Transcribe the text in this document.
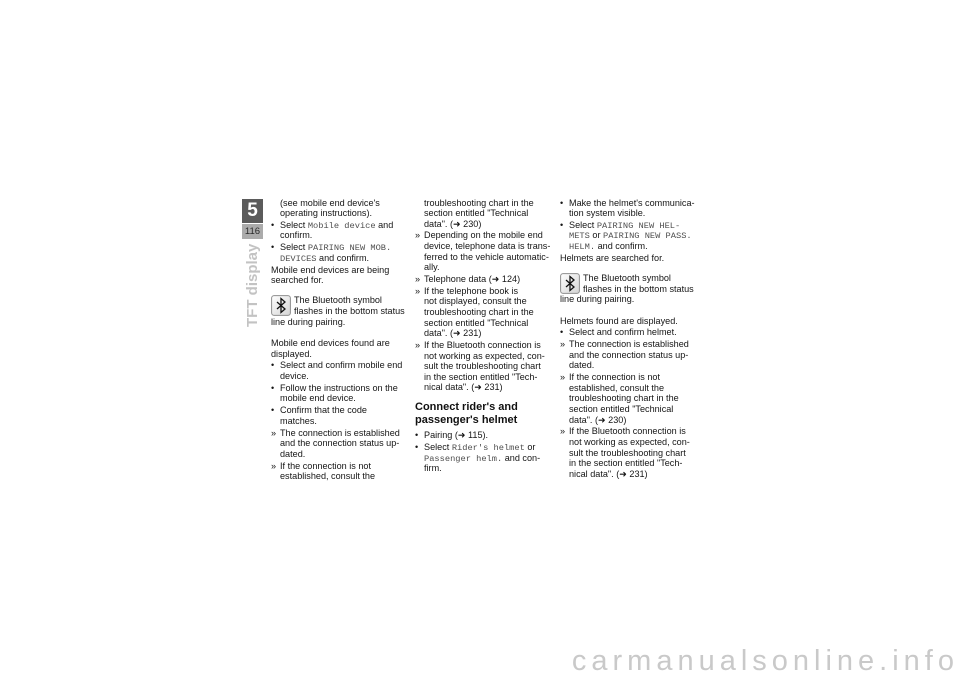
5
116
TFT display
(see mobile end device's
operating instructions).
• Select Mobile device and
confirm.
• Select PAIRING NEW MOB.
DEVICES and confirm.
Mobile end devices are being
searched for.
The Bluetooth symbol
flashes in the bottom status
line during pairing.
Mobile end devices found are
displayed.
• Select and confirm mobile end
device.
• Follow the instructions on the
mobile end device.
• Confirm that the code
matches.
» The connection is established
and the connection status up-
dated.
» If the connection is not
established, consult the
troubleshooting chart in the
section entitled "Technical
data". (➜ 230)
» Depending on the mobile end
device, telephone data is trans-
ferred to the vehicle automatic-
ally.
» Telephone data (➜ 124)
» If the telephone book is
not displayed, consult the
troubleshooting chart in the
section entitled "Technical
data". (➜ 231)
» If the Bluetooth connection is
not working as expected, con-
sult the troubleshooting chart
in the section entitled "Tech-
nical data". (➜ 231)
Connect rider's and
passenger's helmet
• Pairing (➜ 115).
• Select Rider's helmet or
Passenger helm. and con-
firm.
• Make the helmet's communica-
tion system visible.
• Select PAIRING NEW HEL-
METS or PAIRING NEW PASS.
HELM. and confirm.
Helmets are searched for.
The Bluetooth symbol
flashes in the bottom status
line during pairing.
Helmets found are displayed.
• Select and confirm helmet.
» The connection is established
and the connection status up-
dated.
» If the connection is not
established, consult the
troubleshooting chart in the
section entitled "Technical
data". (➜ 230)
» If the Bluetooth connection is
not working as expected, con-
sult the troubleshooting chart
in the section entitled "Tech-
nical data". (➜ 231)
carmanualsonline.info
